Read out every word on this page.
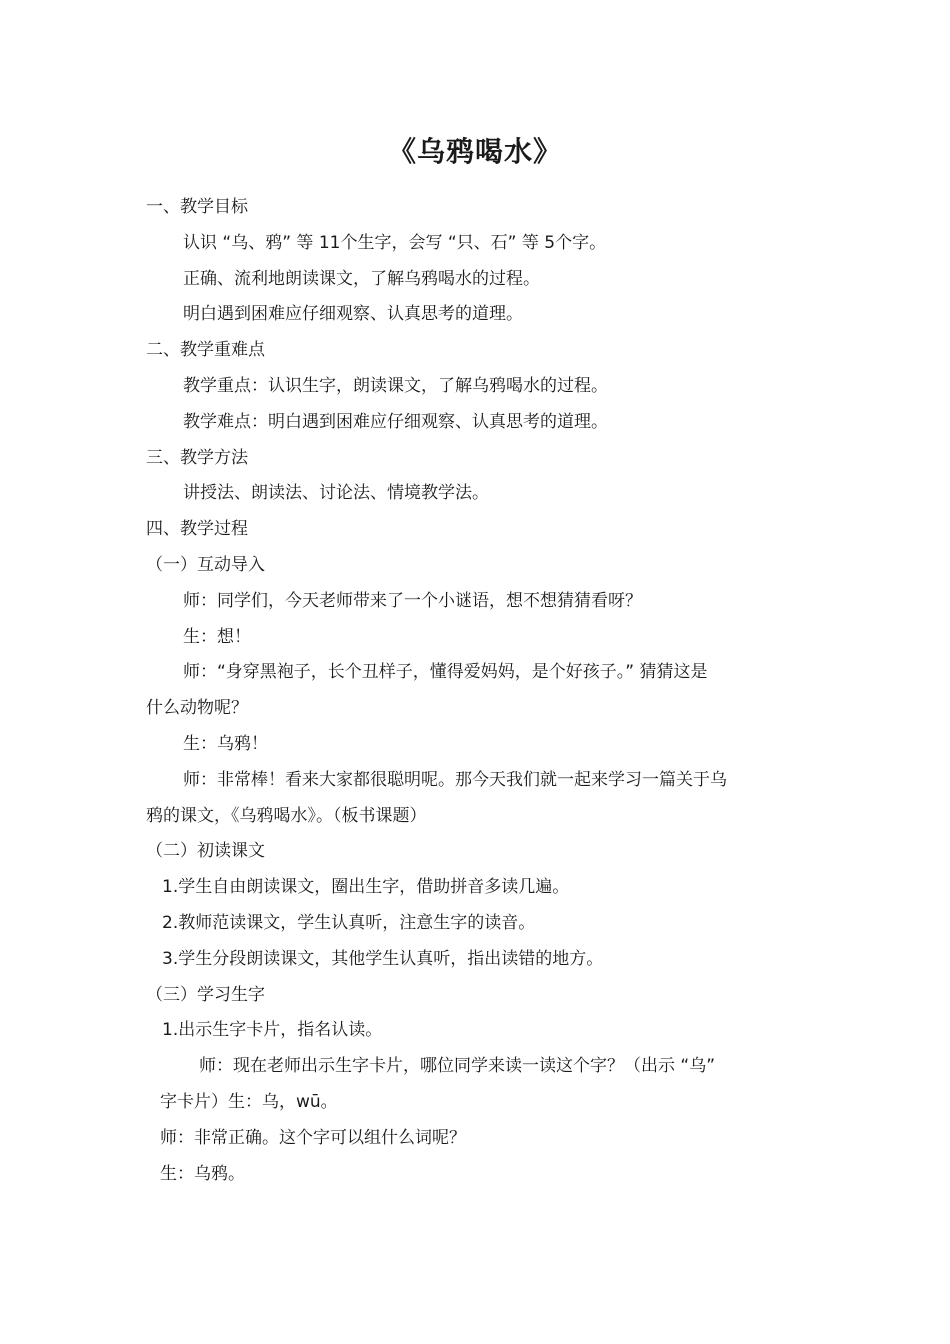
《乌鸦喝水》
一、教学目标
认识 “乌、鸦” 等 11个生字，会写 “只、石” 等 5个字。
正确、流利地朗读课文，了解乌鸦喝水的过程。
明白遇到困难应仔细观察、认真思考的道理。
二、教学重难点
教学重点：认识生字，朗读课文，了解乌鸦喝水的过程。
教学难点：明白遇到困难应仔细观察、认真思考的道理。
三、教学方法
讲授法、朗读法、讨论法、情境教学法。
四、教学过程
（一）互动导入
师：同学们，今天老师带来了一个小谜语，想不想猜猜看呀？
生：想！
师：“身穿黑袍子，长个丑样子，懂得爱妈妈，是个好孩子。” 猜猜这是
什么动物呢？
生：乌鸦！
师：非常棒！看来大家都很聪明呢。那今天我们就一起来学习一篇关于乌
鸦的课文，《乌鸦喝水》。（板书课题）
（二）初读课文
1.学生自由朗读课文，圈出生字，借助拼音多读几遍。
2.教师范读课文，学生认真听，注意生字的读音。
3.学生分段朗读课文，其他学生认真听，指出读错的地方。
（三）学习生字
1.出示生字卡片，指名认读。
师：现在老师出示生字卡片，哪位同学来读一读这个字？（出示 “乌”
字卡片）生：乌，wū。
师：非常正确。这个字可以组什么词呢？
生：乌鸦。
